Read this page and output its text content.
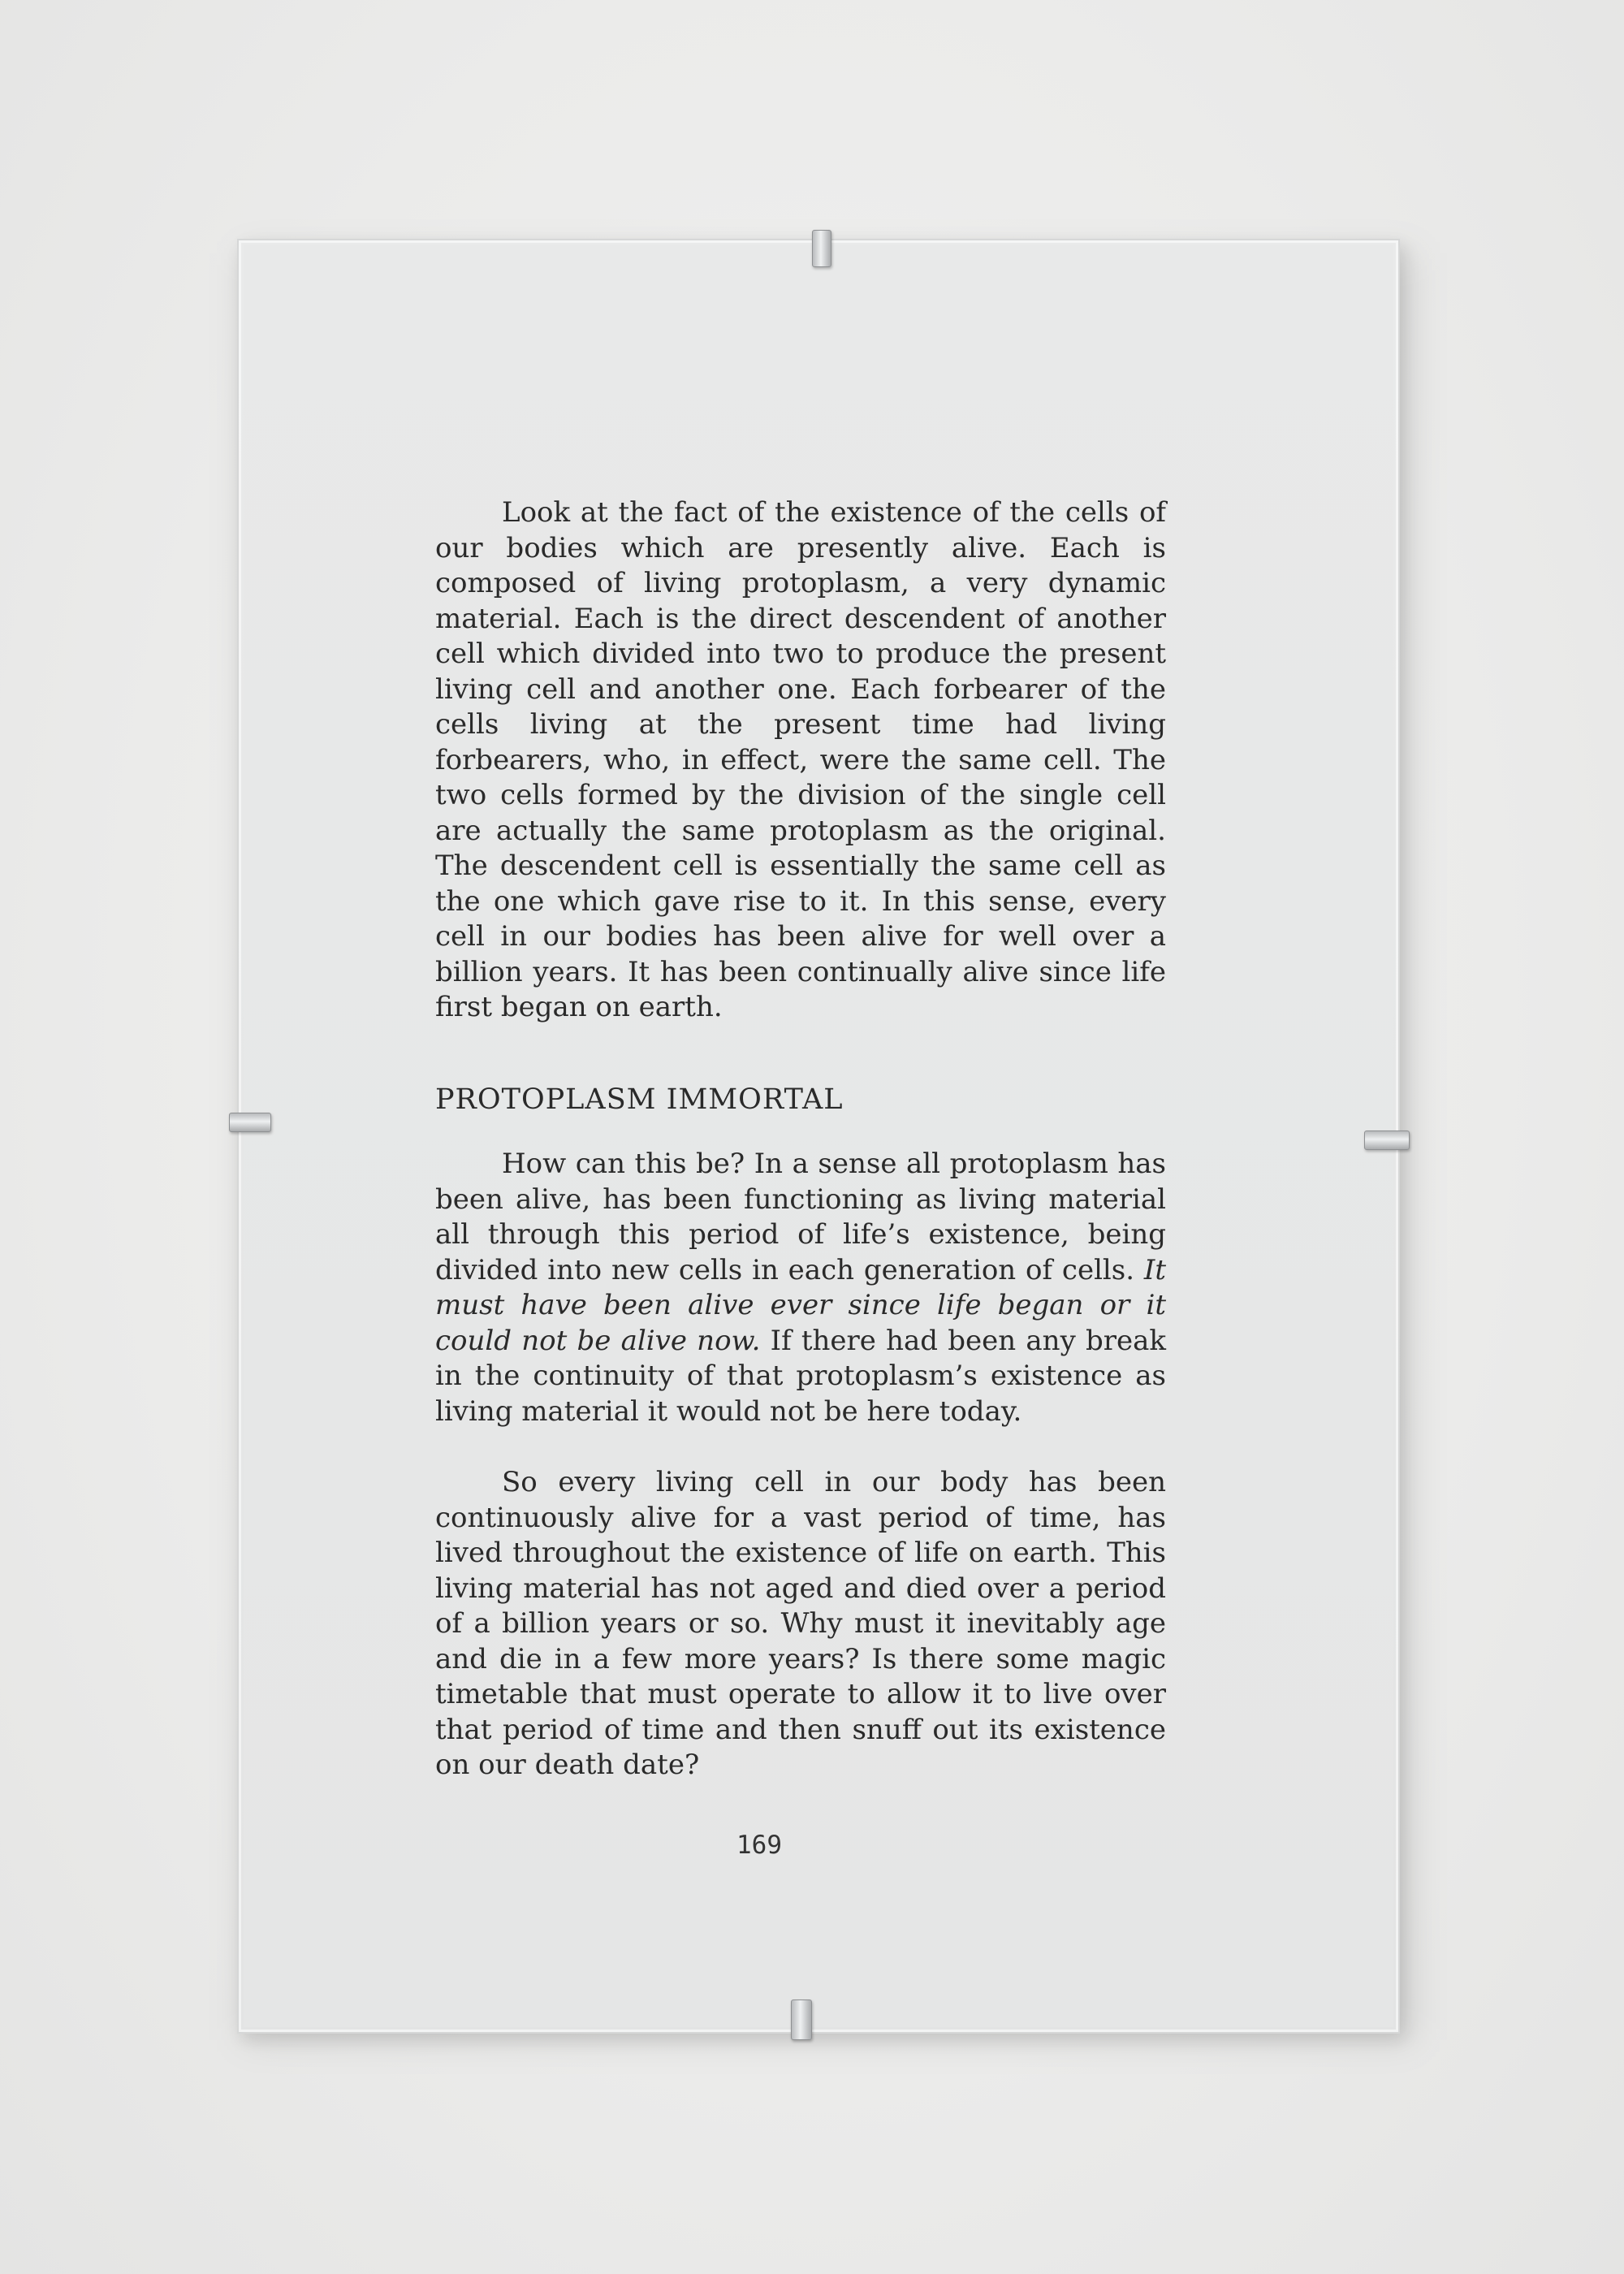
Look at the fact of the existence of the cells of our bodies which are presently alive. Each is composed of living protoplasm, a very dynamic material. Each is the direct descendent of another cell which divided into two to produce the present living cell and another one. Each forbearer of the cells living at the present time had living forbearers, who, in effect, were the same cell. The two cells formed by the division of the single cell are actually the same protoplasm as the original. The descendent cell is essentially the same cell as the one which gave rise to it. In this sense, every cell in our bodies has been alive for well over a billion years. It has been continually alive since life first began on earth.

PROTOPLASM IMMORTAL

How can this be? In a sense all protoplasm has been alive, has been functioning as living material all through this period of life’s existence, being divided into new cells in each generation of cells. It must have been alive ever since life began or it could not be alive now. If there had been any break in the continuity of that protoplasm’s existence as living material it would not be here today.

So every living cell in our body has been continuously alive for a vast period of time, has lived throughout the existence of life on earth. This living material has not aged and died over a period of a billion years or so. Why must it inevitably age and die in a few more years? Is there some magic timetable that must operate to allow it to live over that period of time and then snuff out its existence on our death date?

169
